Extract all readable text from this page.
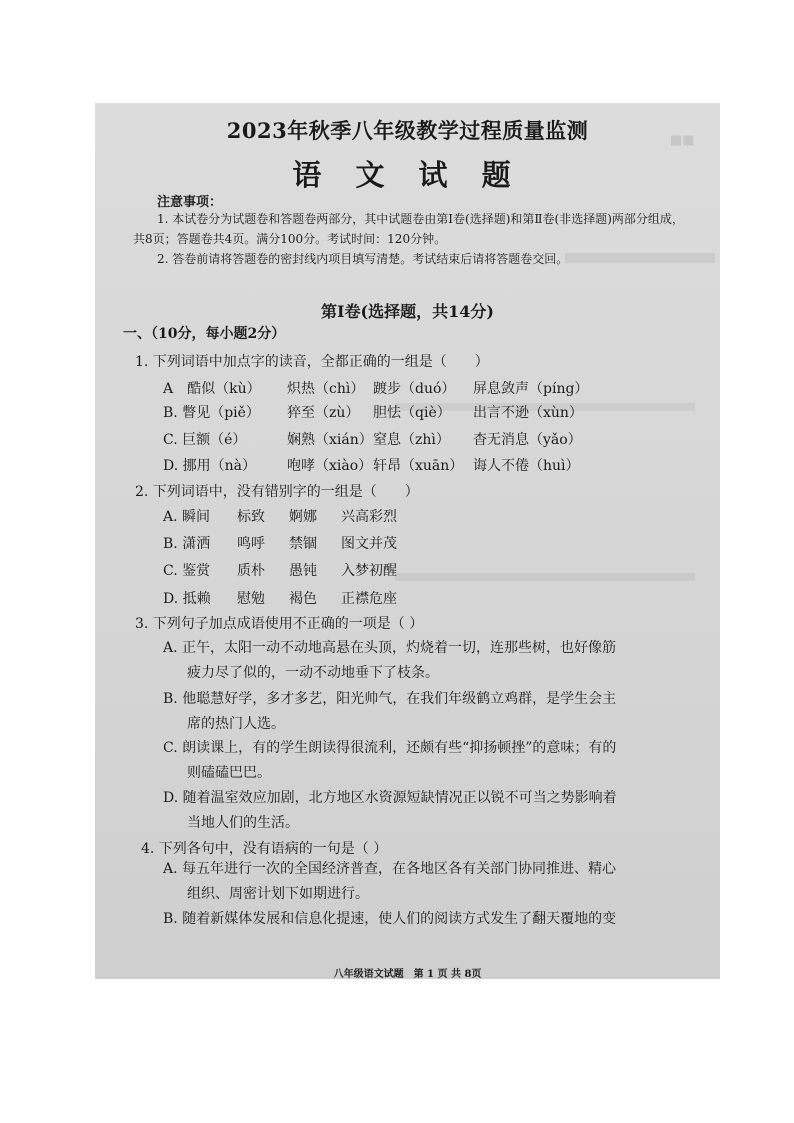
■■
2023年秋季八年级教学过程质量监测
语 文 试 题
注意事项：

1. 本试卷分为试题卷和答题卷两部分，其中试题卷由第Ⅰ卷(选择题)和第Ⅱ卷(非选择题)两部分组成，共8页；答题卷共4页。满分100分。考试时间：120分钟。

2. 答卷前请将答题卷的密封线内项目填写清楚。考试结束后请将答题卷交回。

第Ⅰ卷(选择题，共14分)
一、（10分，每小题2分）
1. 下列词语中加点字的读音，全都正确的一组是（　　）
A　酷似（kù） 炽热（chì） 踱步（duó） 屏息敛声（píng）
B. 瞥见（piě） 猝至（zù） 胆怯（qiè） 出言不逊（xùn）
C. 巨额（é）	娴熟（xián）窒息（zhì） 杳无消息（yǎo）
D. 挪用（nà） 咆哮（xiào）轩昂（xuān） 诲人不倦（huì）
2. 下列词语中，没有错别字的一组是（　　）
A. 瞬间 标致 婀娜 兴高彩烈
B. 潇洒 鸣呼 禁锢 图文并茂
C. 鉴赏 质朴 愚钝 入梦初醒
D. 抵赖 慰勉 褐色 正襟危座
3. 下列句子加点成语使用不正确的一项是（ ）
A. 正午，太阳一动不动地高悬在头顶，灼烧着一切，连那些树，也好像筋
疲力尽了似的，一动不动地垂下了枝条。
B. 他聪慧好学，多才多艺，阳光帅气，在我们年级鹤立鸡群，是学生会主
席的热门人选。
C. 朗读课上，有的学生朗读得很流利，还颇有些“抑扬顿挫”的意味；有的
则磕磕巴巴。
D. 随着温室效应加剧，北方地区水资源短缺情况正以锐不可当之势影响着
当地人们的生活。
4. 下列各句中，没有语病的一句是（ ）
A. 每五年进行一次的全国经济普查，在各地区各有关部门协同推进、精心
组织、周密计划下如期进行。
B. 随着新媒体发展和信息化提速，使人们的阅读方式发生了翻天覆地的变
八年级语文试题　第 1 页 共 8页
